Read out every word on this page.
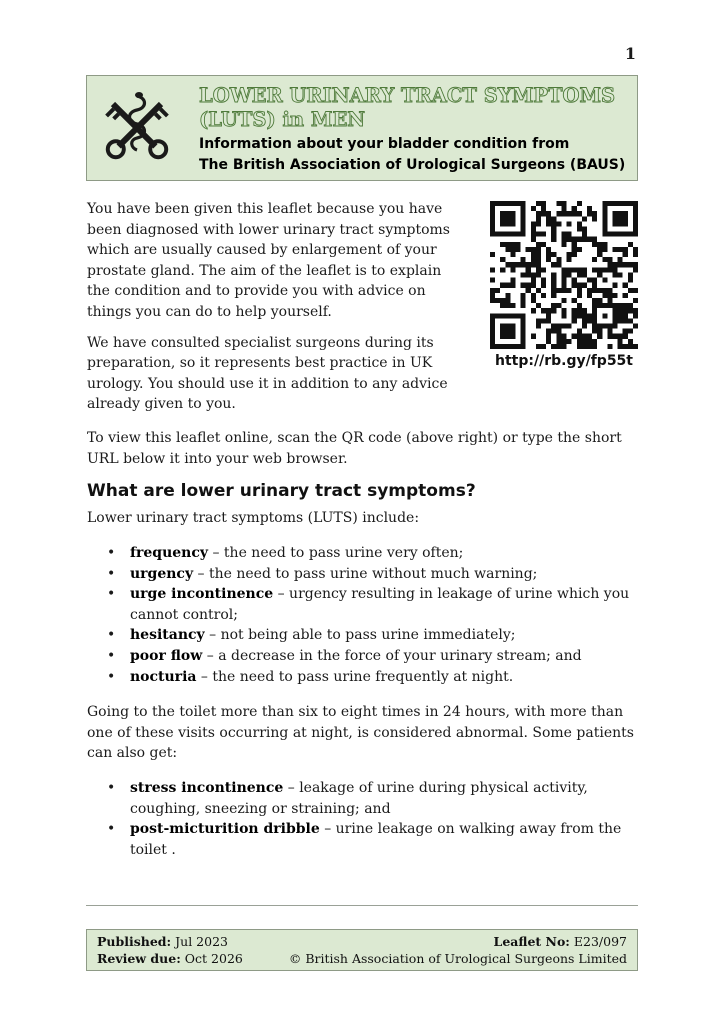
1
LOWER URINARY TRACT SYMPTOMS
(LUTS) in MEN
Information about your bladder condition from
The British Association of Urological Surgeons (BAUS)

You have been given this leaflet because you have been diagnosed with lower urinary tract symptoms which are usually caused by enlargement of your prostate gland. The aim of the leaflet is to explain the condition and to provide you with advice on things you can do to help yourself.

We have consulted specialist surgeons during its preparation, so it represents best practice in UK urology. You should use it in addition to any advice already given to you.

http://rb.gy/fp55t
To view this leaflet online, scan the QR code (above right) or type the short URL below it into your web browser.
What are lower urinary tract symptoms?
Lower urinary tract symptoms (LUTS) include:
• frequency – the need to pass urine very often;
• urgency – the need to pass urine without much warning;
• urge incontinence – urgency resulting in leakage of urine which you cannot control;
• hesitancy – not being able to pass urine immediately;
• poor flow – a decrease in the force of your urinary stream; and
• nocturia – the need to pass urine frequently at night.
Going to the toilet more than six to eight times in 24 hours, with more than one of these visits occurring at night, is considered abnormal. Some patients can also get:
• stress incontinence – leakage of urine during physical activity, coughing, sneezing or straining; and
• post-micturition dribble – urine leakage on walking away from the toilet .
Published: Jul 2023
Review due: Oct 2026
Leaflet No: E23/097
© British Association of Urological Surgeons Limited
